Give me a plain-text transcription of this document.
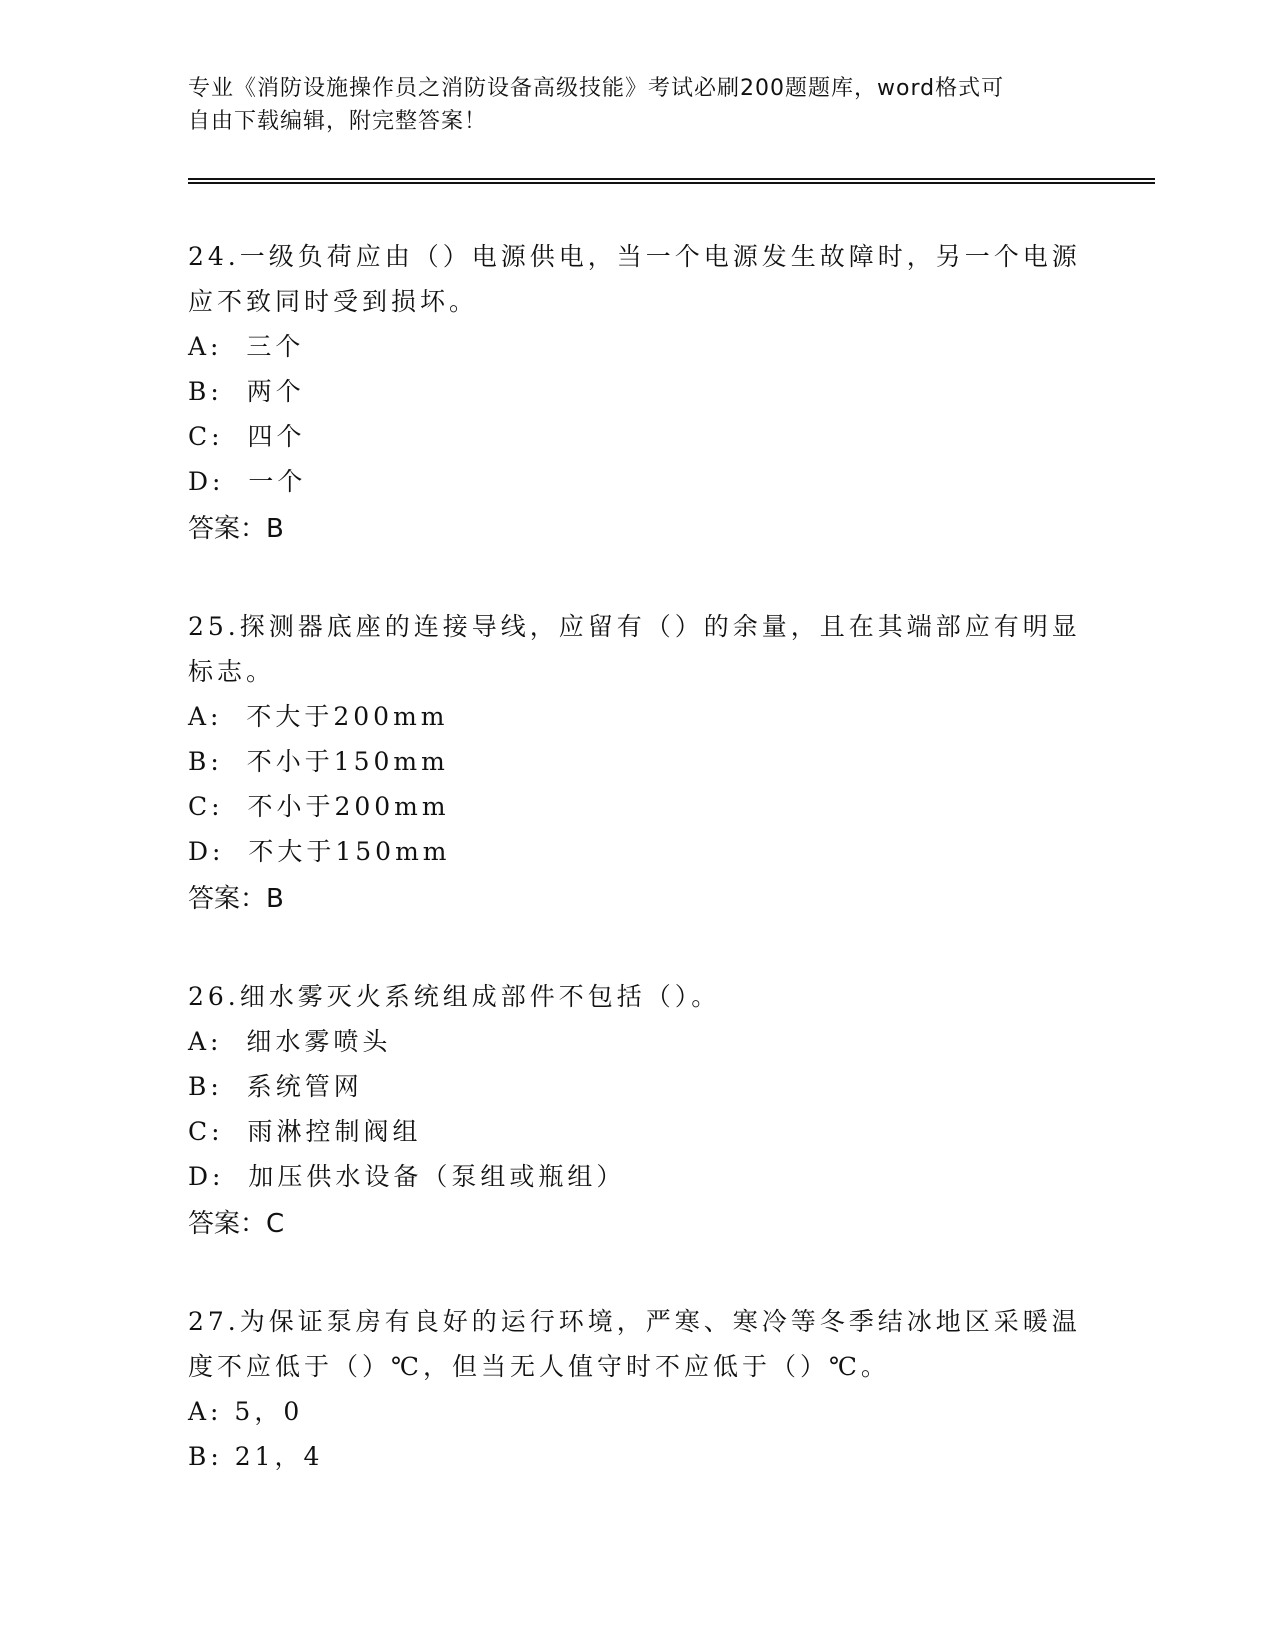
专业《消防设施操作员之消防设备高级技能》考试必刷200题题库，word格式可
自由下载编辑，附完整答案！
24.一级负荷应由（）电源供电，当一个电源发生故障时，另一个电源
应不致同时受到损坏。
A:  三个
B:  两个
C:  四个
D:  一个
答案：B
25.探测器底座的连接导线，应留有（）的余量，且在其端部应有明显
标志。
A:  不大于200mm
B:  不小于150mm
C:  不小于200mm
D:  不大于150mm
答案：B
26.细水雾灭火系统组成部件不包括（）。
A:  细水雾喷头
B:  系统管网
C:  雨淋控制阀组
D:  加压供水设备（泵组或瓶组）
答案：C
27.为保证泵房有良好的运行环境，严寒、寒冷等冬季结冰地区采暖温
度不应低于（）℃，但当无人值守时不应低于（）℃。
A: 5，0
B: 21，4
